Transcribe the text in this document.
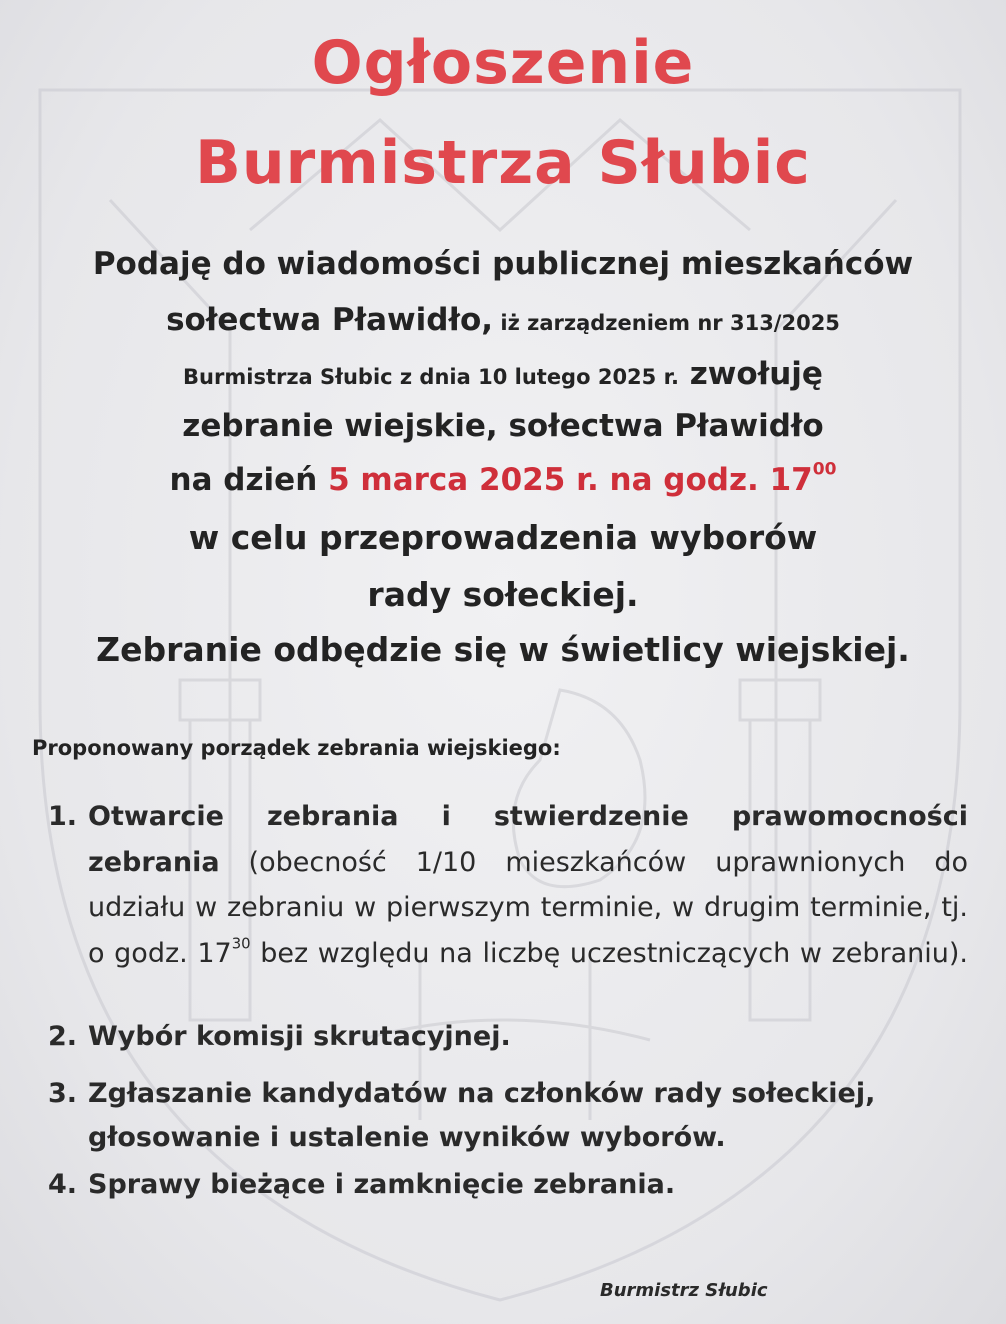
Ogłoszenie
Burmistrza Słubic
Podaję do wiadomości publicznej mieszkańców
sołectwa Pławidło, iż zarządzeniem nr 313/2025
Burmistrza Słubic z dnia 10 lutego 2025 r. zwołuję
zebranie wiejskie, sołectwa Pławidło
na dzień 5 marca 2025 r. na godz. $17^{00}$
w celu przeprowadzenia wyborów
rady sołeckiej.
Zebranie odbędzie się w świetlicy wiejskiej.
Proponowany porządek zebrania wiejskiego:
1. Otwarcie zebrania i stwierdzenie prawomocności zebrania (obecność 1/10 mieszkańców uprawnionych do udziału w zebraniu w pierwszym terminie, w drugim terminie, tj. o godz. $17^{30}$ bez względu na liczbę uczestniczących w zebraniu).
2. Wybór komisji skrutacyjnej.
3. Zgłaszanie kandydatów na członków rady sołeckiej, głosowanie i ustalenie wyników wyborów.
4. Sprawy bieżące i zamknięcie zebrania.
Burmistrz Słubic
